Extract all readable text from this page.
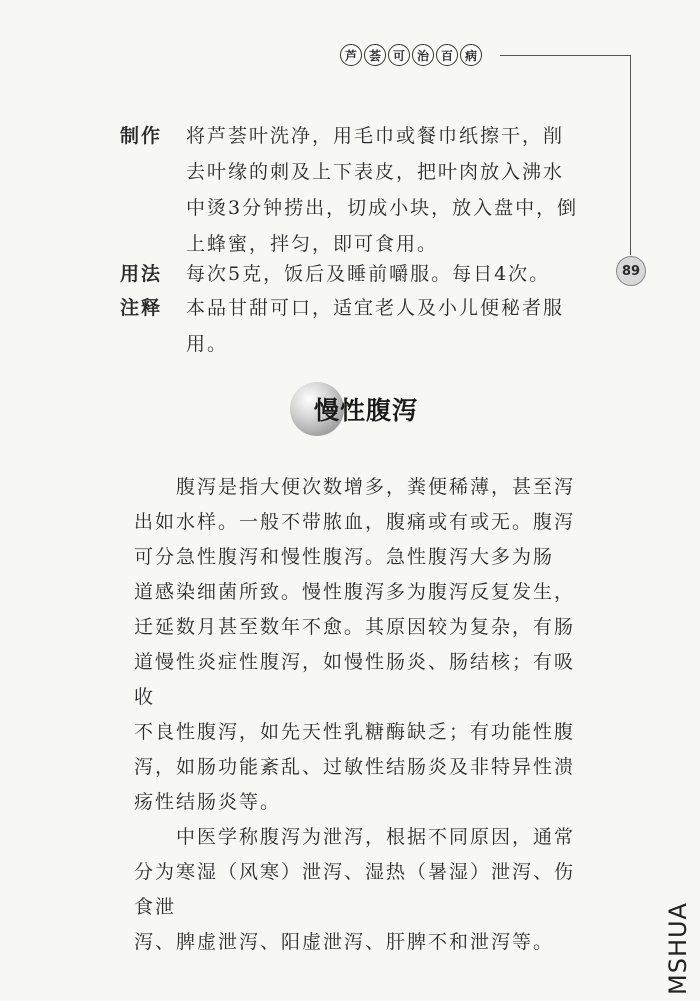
芦 荟 可 治 百 病
89
制作	将芦荟叶洗净，用毛巾或餐巾纸擦干，削
去叶缘的刺及上下表皮，把叶肉放入沸水
中烫3分钟捞出，切成小块，放入盘中，倒
上蜂蜜，拌匀，即可食用。
用法	每次5克，饭后及睡前嚼服。每日4次。
注释	本品甘甜可口，适宜老人及小儿便秘者服
用。
慢性腹泻

　　腹泻是指大便次数增多，粪便稀薄，甚至泻
出如水样。一般不带脓血，腹痛或有或无。腹泻
可分急性腹泻和慢性腹泻。急性腹泻大多为肠
道感染细菌所致。慢性腹泻多为腹泻反复发生，
迁延数月甚至数年不愈。其原因较为复杂，有肠
道慢性炎症性腹泻，如慢性肠炎、肠结核；有吸收
不良性腹泻，如先天性乳糖酶缺乏；有功能性腹
泻，如肠功能紊乱、过敏性结肠炎及非特异性溃
疡性结肠炎等。

　　中医学称腹泻为泄泻，根据不同原因，通常
分为寒湿（风寒）泄泻、湿热（暑湿）泄泻、伤食泄
泻、脾虚泄泻、阳虚泄泻、肝脾不和泄泻等。	MSHUA
